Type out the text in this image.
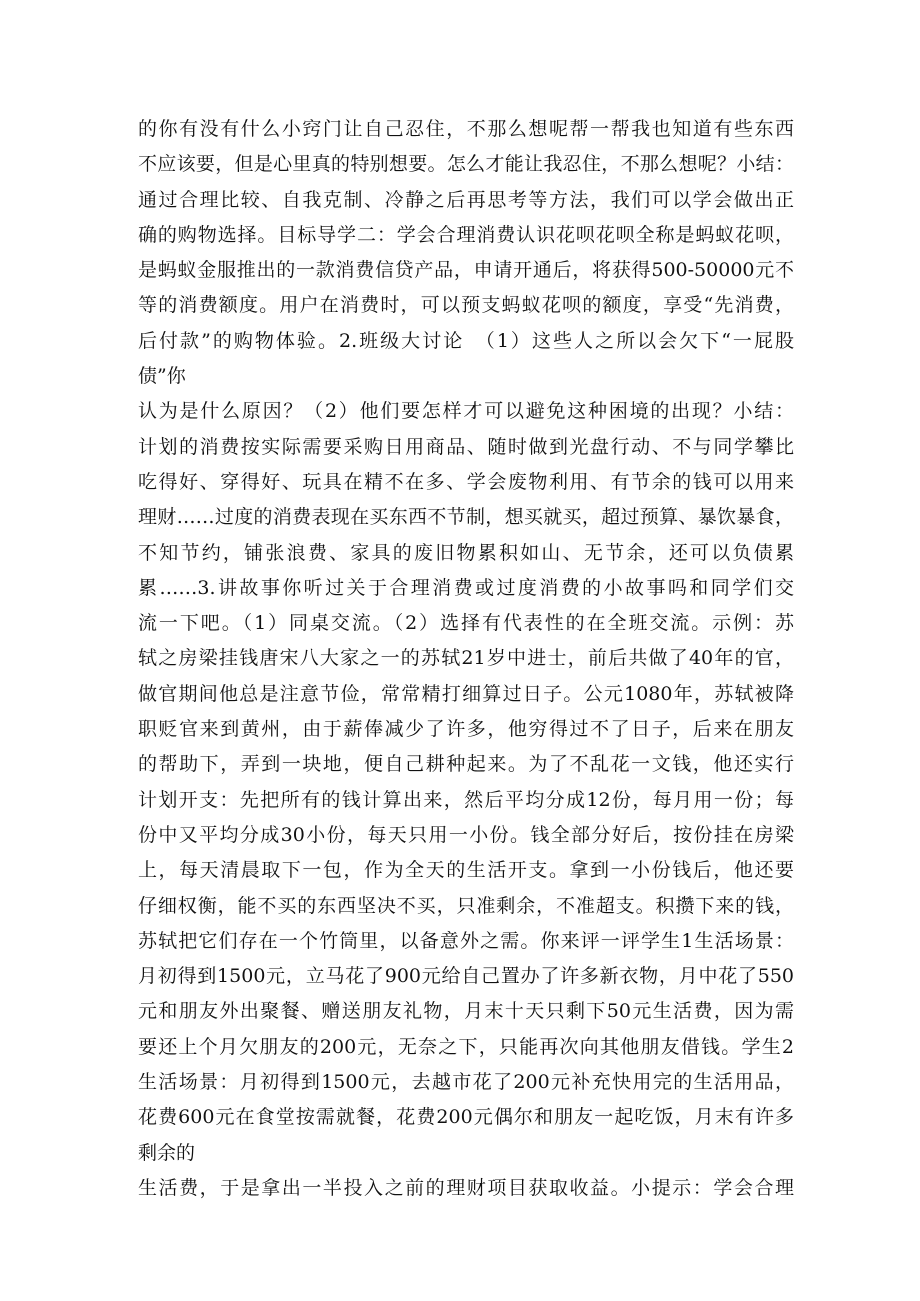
的你有没有什么小窍门让自己忍住，不那么想呢帮一帮我也知道有些东西
不应该要，但是心里真的特别想要。怎么才能让我忍住，不那么想呢？小结：
通过合理比较、自我克制、冷静之后再思考等方法，我们可以学会做出正
确的购物选择。目标导学二：学会合理消费认识花呗花呗全称是蚂蚁花呗，
是蚂蚁金服推出的一款消费信贷产品，申请开通后，将获得500-50000元不
等的消费额度。用户在消费时，可以预支蚂蚁花呗的额度，享受“先消费，
后付款”的购物体验。2.班级大讨论　（1）这些人之所以会欠下“一屁股
债”你
认为是什么原因？（2）他们要怎样才可以避免这种困境的出现？小结：
计划的消费按实际需要采购日用商品、随时做到光盘行动、不与同学攀比
吃得好、穿得好、玩具在精不在多、学会废物利用、有节余的钱可以用来
理财……过度的消费表现在买东西不节制，想买就买，超过预算、暴饮暴食，
不知节约，铺张浪费、家具的废旧物累积如山、无节余，还可以负债累
累……3.讲故事你听过关于合理消费或过度消费的小故事吗和同学们交
流一下吧。（1）同桌交流。（2）选择有代表性的在全班交流。示例：苏
轼之房梁挂钱唐宋八大家之一的苏轼21岁中进士，前后共做了40年的官，
做官期间他总是注意节俭，常常精打细算过日子。公元1080年，苏轼被降
职贬官来到黄州，由于薪俸减少了许多，他穷得过不了日子，后来在朋友
的帮助下，弄到一块地，便自己耕种起来。为了不乱花一文钱，他还实行
计划开支：先把所有的钱计算出来，然后平均分成12份，每月用一份；每
份中又平均分成30小份，每天只用一小份。钱全部分好后，按份挂在房梁
上，每天清晨取下一包，作为全天的生活开支。拿到一小份钱后，他还要
仔细权衡，能不买的东西坚决不买，只准剩余，不准超支。积攒下来的钱，
苏轼把它们存在一个竹筒里，以备意外之需。你来评一评学生1生活场景：
月初得到1500元，立马花了900元给自己置办了许多新衣物，月中花了550
元和朋友外出聚餐、赠送朋友礼物，月末十天只剩下50元生活费，因为需
要还上个月欠朋友的200元，无奈之下，只能再次向其他朋友借钱。学生2
生活场景：月初得到1500元，去越市花了200元补充快用完的生活用品，
花费600元在食堂按需就餐，花费200元偶尔和朋友一起吃饭，月末有许多
剩余的
生活费，于是拿出一半投入之前的理财项目获取收益。小提示：学会合理
